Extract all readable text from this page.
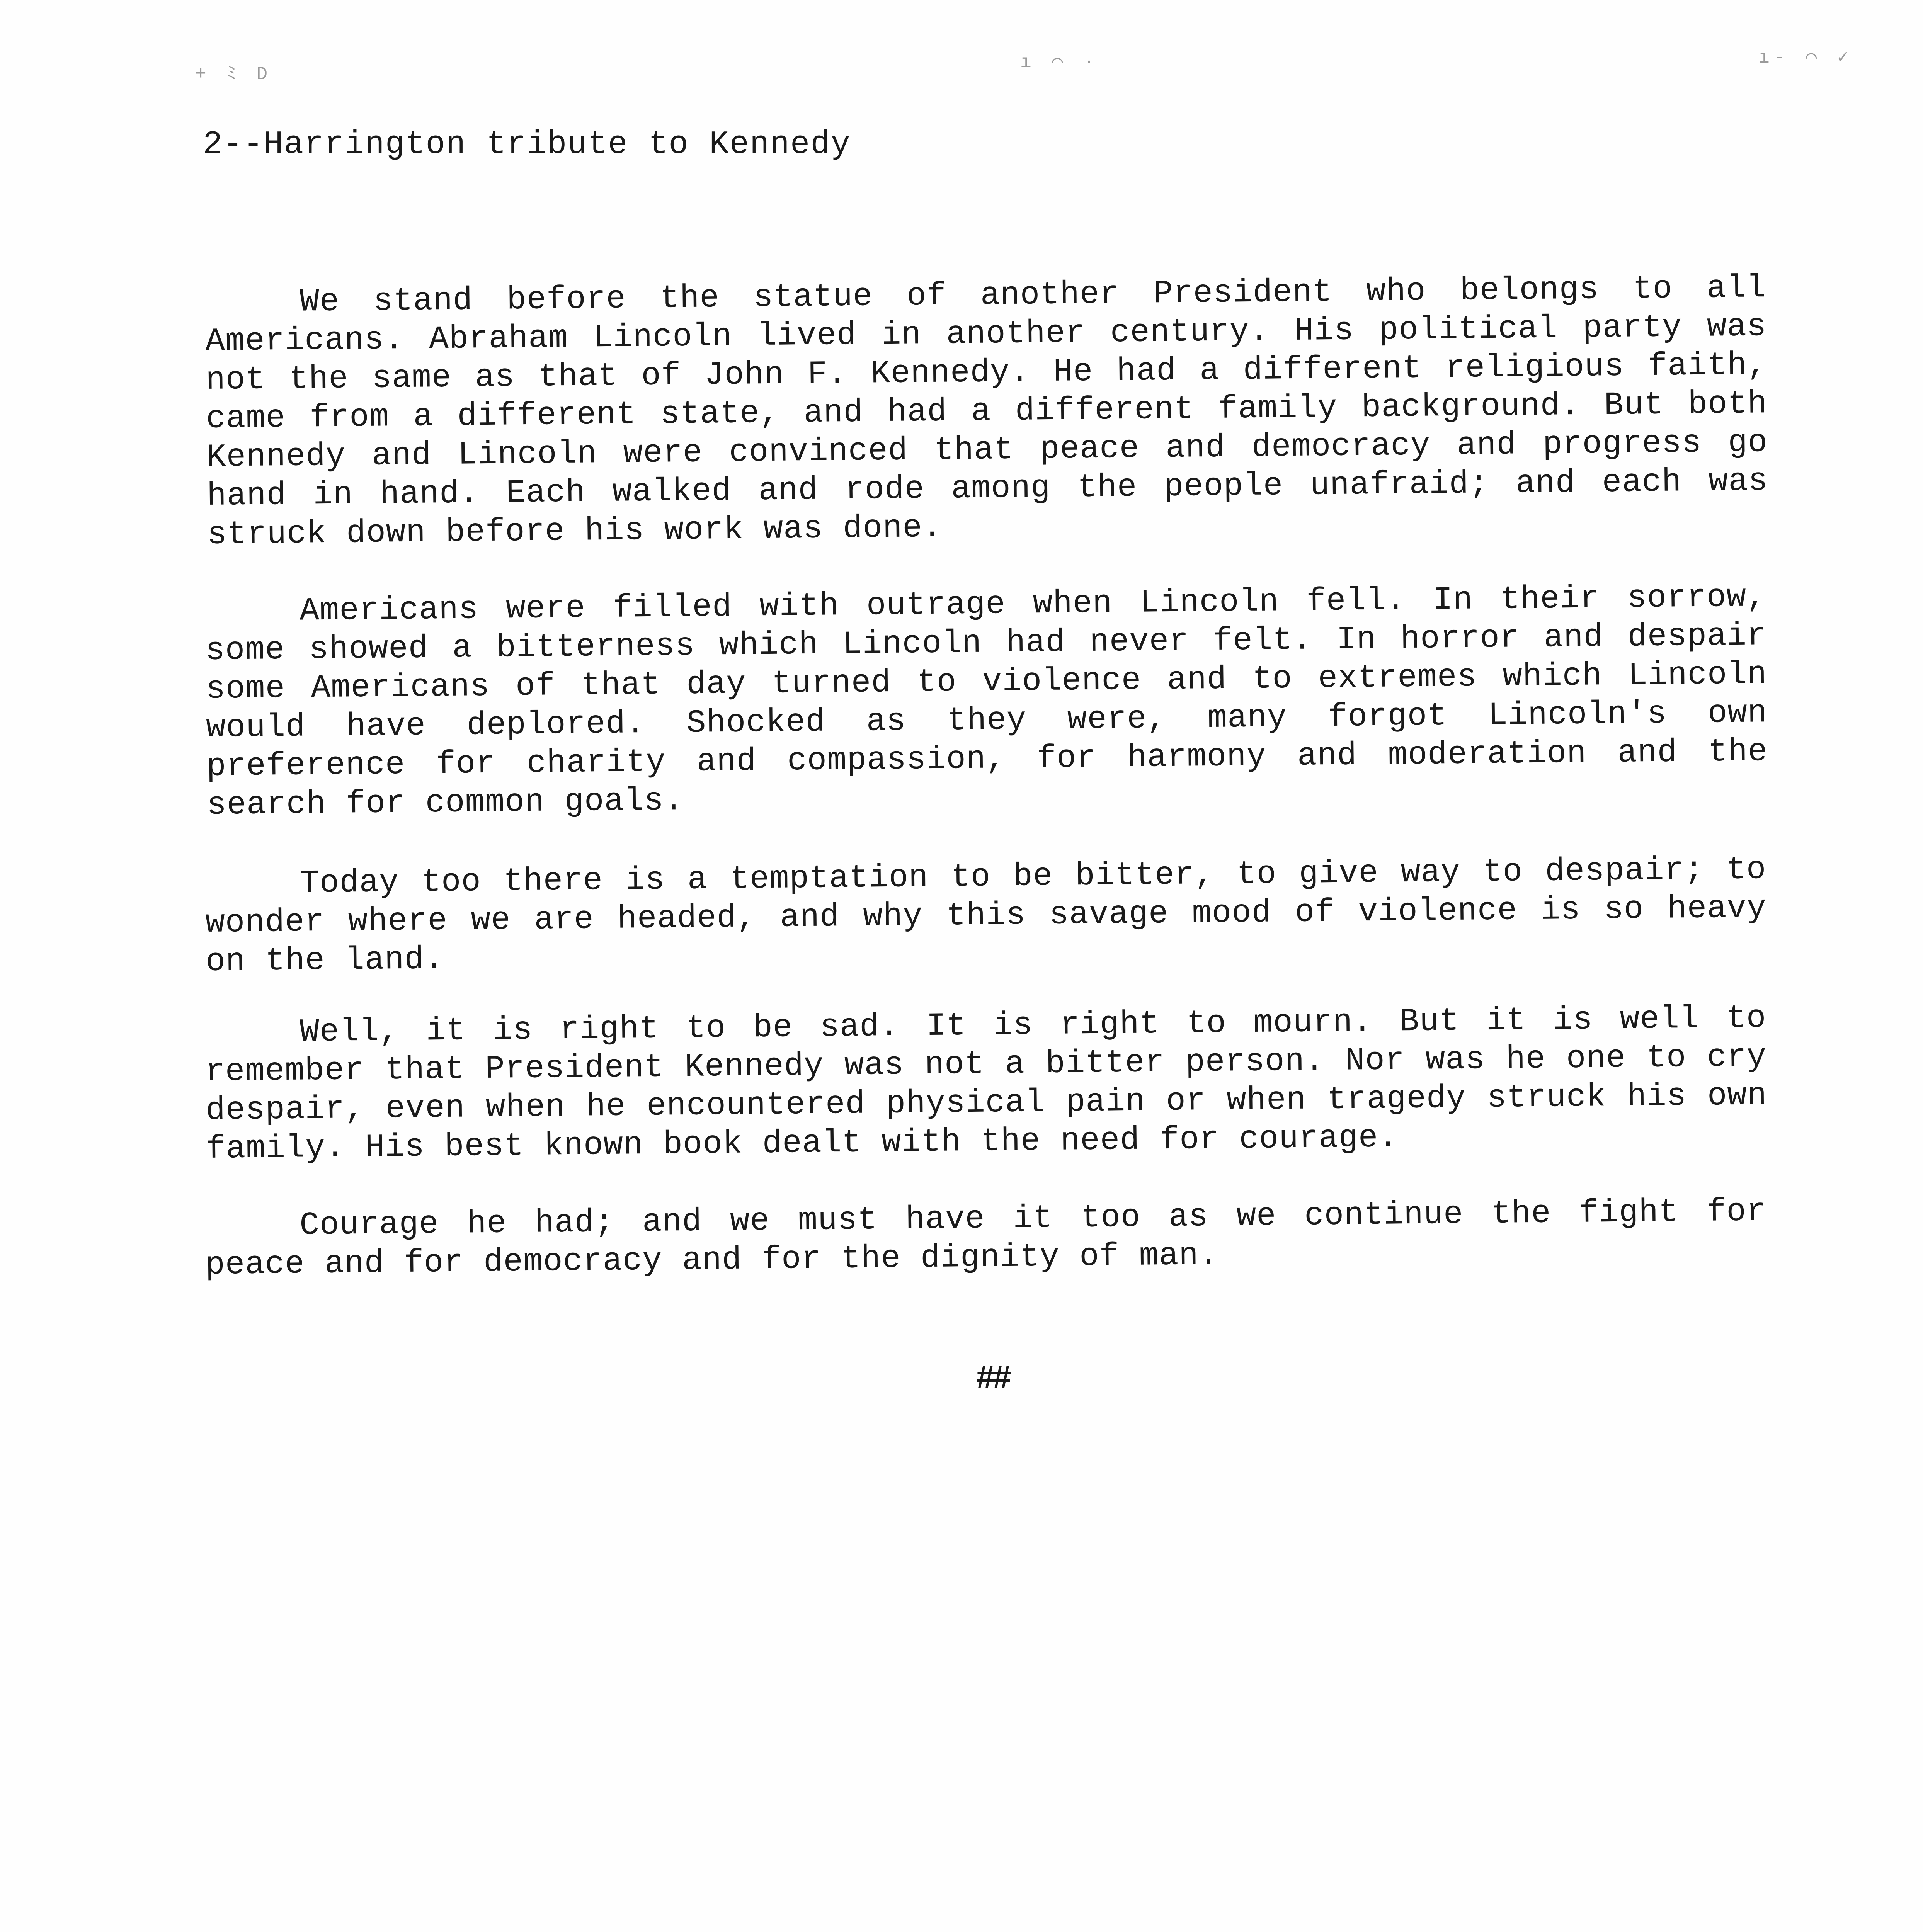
+ ﾐ D
ı ⌒ ·	ı- ⌒ ✓
2--Harrington tribute to Kennedy

We stand before the statue of another President who belongs to all Americans. Abraham Lincoln lived in another century. His political party was not the same as that of John F. Kennedy. He had a different religious faith, came from a different state, and had a different family background. But both Kennedy and Lincoln were convinced that peace and democracy and progress go hand in hand. Each walked and rode among the people unafraid; and each was struck down before his work was done.

Americans were filled with outrage when Lincoln fell. In their sorrow, some showed a bitterness which Lincoln had never felt. In horror and despair some Americans of that day turned to violence and to extremes which Lincoln would have deplored. Shocked as they were, many forgot Lincoln's own preference for charity and compassion, for harmony and moderation and the search for common goals.

Today too there is a temptation to be bitter, to give way to despair; to wonder where we are headed, and why this savage mood of violence is so heavy on the land.

Well, it is right to be sad. It is right to mourn. But it is well to remember that President Kennedy was not a bitter person. Nor was he one to cry despair, even when he encountered physical pain or when tragedy struck his own family. His best known book dealt with the need for courage.

Courage he had; and we must have it too as we continue the fight for peace and for democracy and for the dignity of man.

##
